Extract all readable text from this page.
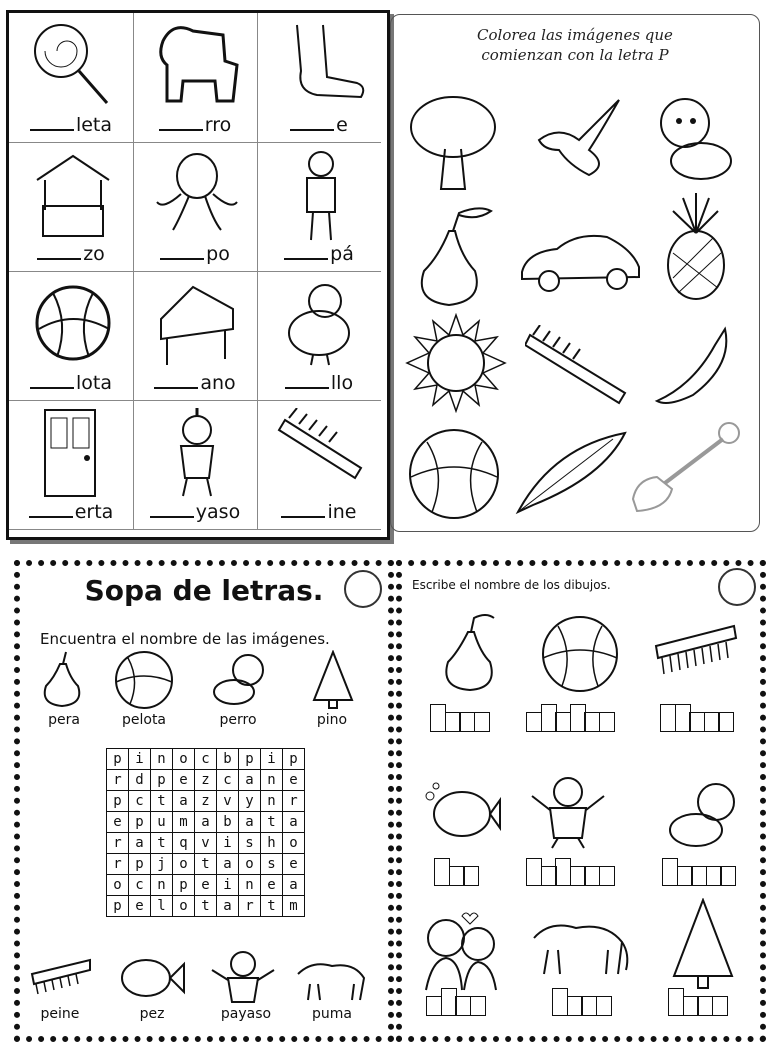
leta	rro	e
zo	po	pá
lota	ano	llo
erta	yaso	ine
Colorea las imágenes que
comienzan con la letra P
Sopa de letras.
Encuentra el nombre de las imágenes.
pera	pelota	perro	pino
p	i	n	o	c	b	p	i	p
r	d	p	e	z	c	a	n	e
p	c	t	a	z	v	y	n	r
e	p	u	m	a	b	a	t	a
r	a	t	q	v	i	s	h	o
r	p	j	o	t	a	o	s	e
o	c	n	p	e	i	n	e	a
p	e	l	o	t	a	r	t	m
peine	pez	payaso	puma
Escribe el nombre de los dibujos.
